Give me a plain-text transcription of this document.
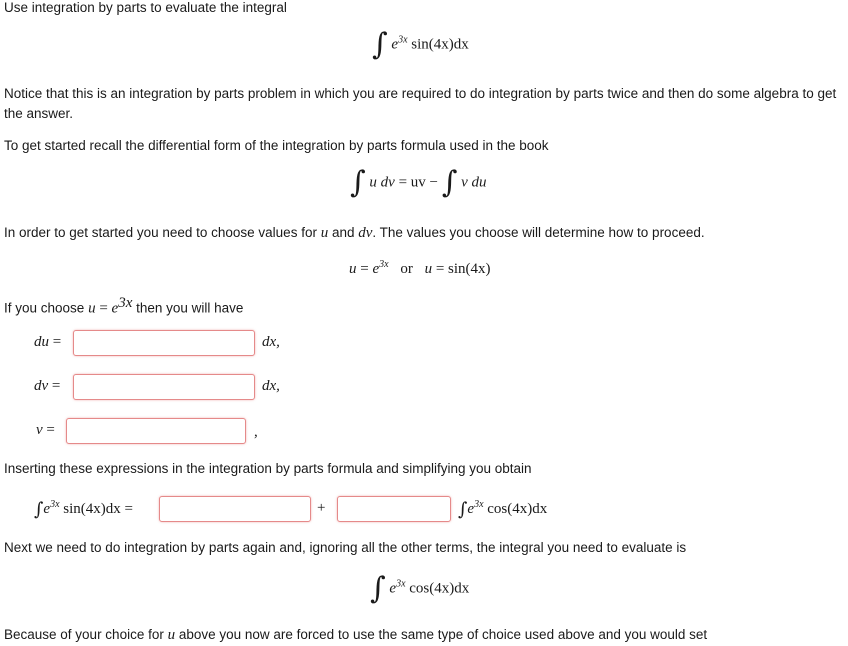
Use integration by parts to evaluate the integral
∫ $e^{3x}$ sin(4x)dx
Notice that this is an integration by parts problem in which you are required to do integration by parts twice and then do some algebra to get the answer.
To get started recall the differential form of the integration by parts formula used in the book
∫ u dv = uv − ∫ v du
In order to get started you need to choose values for u and dv. The values you choose will determine how to proceed.
$u = e^{3x}$ or u = sin(4x)
If you choose $u = e^{3x}$ then you will have
du =	dx,
dv =	dx,
v =	,
Inserting these expressions in the integration by parts formula and simplifying you obtain
$\int e^{3x}$ sin(4x)dx =	+	$\int e^{3x}$ cos(4x)dx
Next we need to do integration by parts again and, ignoring all the other terms, the integral you need to evaluate is
∫ $e^{3x}$ cos(4x)dx
Because of your choice for u above you now are forced to use the same type of choice used above and you would set
